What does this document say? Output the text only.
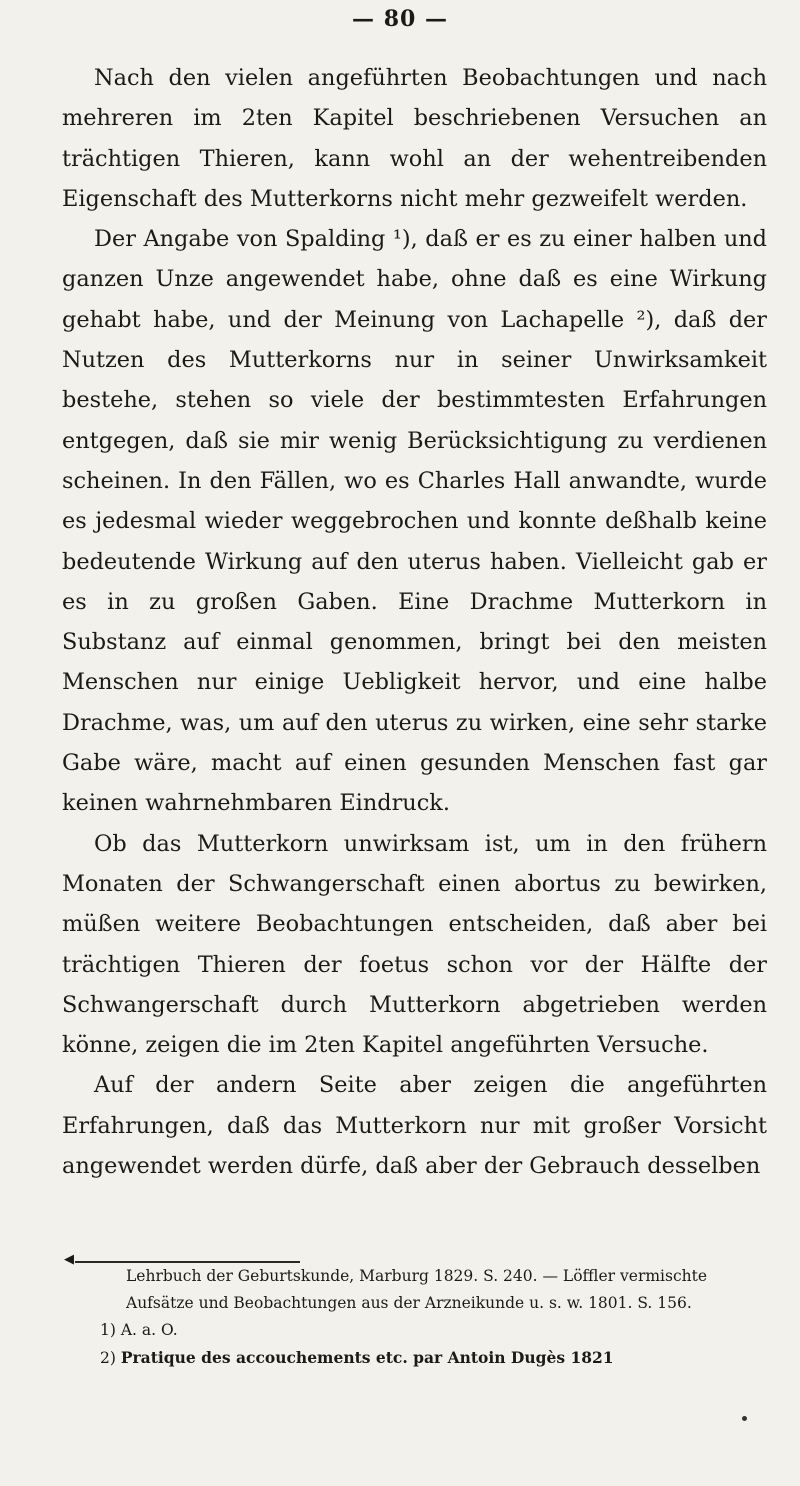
— 80 —

Nach den vielen angeführten Beobachtungen und nach mehreren im 2ten Kapitel beschriebenen Versuchen an trächtigen Thieren, kann wohl an der wehentreibenden Eigenschaft des Mutterkorns nicht mehr gezweifelt werden.

Der Angabe von Spalding ¹), daß er es zu einer halben und ganzen Unze angewendet habe, ohne daß es eine Wirkung gehabt habe, und der Meinung von Lachapelle ²), daß der Nutzen des Mutterkorns nur in seiner Unwirksamkeit bestehe, stehen so viele der bestimmtesten Erfahrungen entgegen, daß sie mir wenig Berücksichtigung zu verdienen scheinen. In den Fällen, wo es Charles Hall anwandte, wurde es jedesmal wieder weggebrochen und konnte deßhalb keine bedeutende Wirkung auf den uterus haben. Vielleicht gab er es in zu großen Gaben. Eine Drachme Mutterkorn in Substanz auf einmal genommen, bringt bei den meisten Menschen nur einige Uebligkeit hervor, und eine halbe Drachme, was, um auf den uterus zu wirken, eine sehr starke Gabe wäre, macht auf einen gesunden Menschen fast gar keinen wahrnehmbaren Eindruck.

Ob das Mutterkorn unwirksam ist, um in den frühern Monaten der Schwangerschaft einen abortus zu bewirken, müßen weitere Beobachtungen entscheiden, daß aber bei trächtigen Thieren der foetus schon vor der Hälfte der Schwangerschaft durch Mutterkorn abgetrieben werden könne, zeigen die im 2ten Kapitel angeführten Versuche.

Auf der andern Seite aber zeigen die angeführten Erfahrungen, daß das Mutterkorn nur mit großer Vorsicht angewendet werden dürfe, daß aber der Gebrauch desselben

◀

Lehrbuch der Geburtskunde, Marburg 1829. S. 240. — Löffler vermischte Aufsätze und Beobachtungen aus der Arzneikunde u. s. w. 1801. S. 156.

1) A. a. O.

2) Pratique des accouchements etc. par Antoin Dugès 1821
